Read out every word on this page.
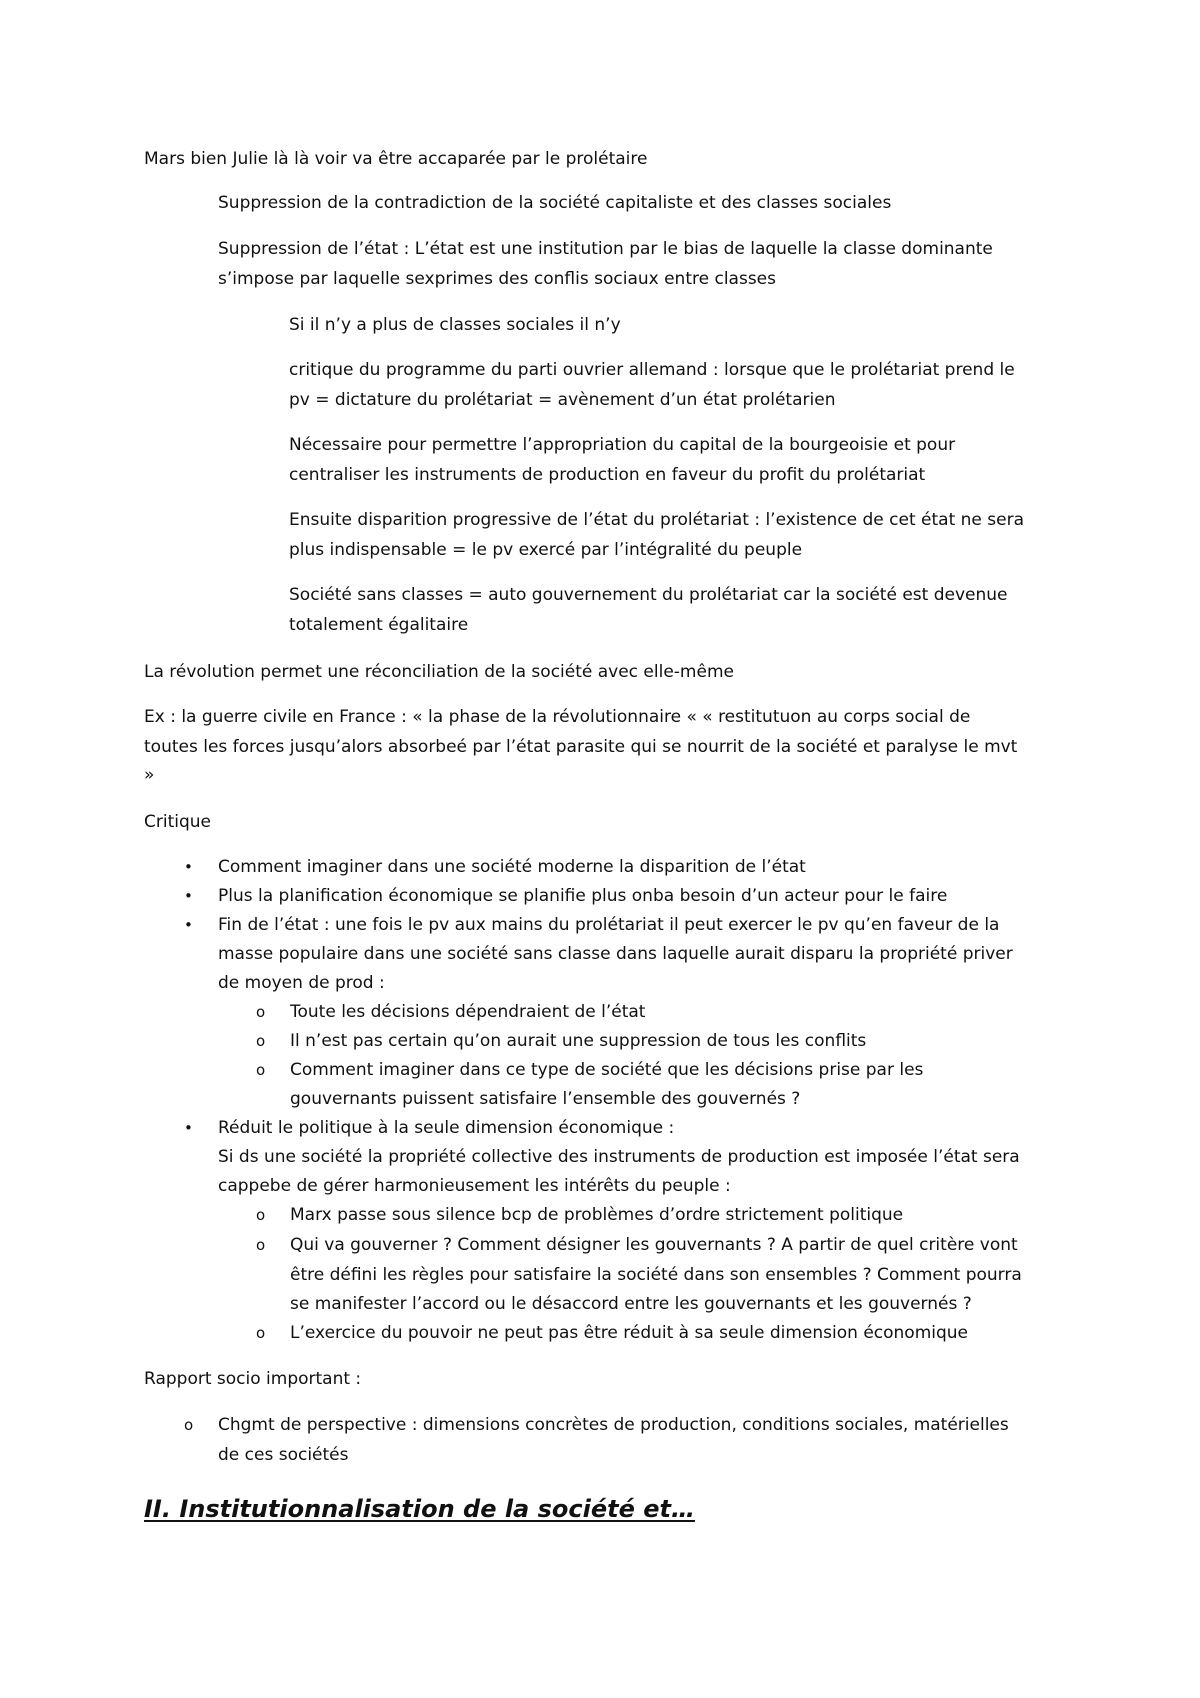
Mars bien Julie là là voir va être accaparée par le prolétaire
Suppression de la contradiction de la société capitaliste et des classes sociales
Suppression de l’état : L’état est une institution par le bias de laquelle la classe dominante
s’impose par laquelle sexprimes des conflis sociaux entre classes
Si il n’y a plus de classes sociales il n’y
critique du programme du parti ouvrier allemand : lorsque que le prolétariat prend le
pv = dictature du prolétariat = avènement d’un état prolétarien
Nécessaire pour permettre l’appropriation du capital de la bourgeoisie et pour
centraliser les instruments de production en faveur du profit du prolétariat
Ensuite disparition progressive de l’état du prolétariat : l’existence de cet état ne sera
plus indispensable = le pv exercé par l’intégralité du peuple
Société sans classes = auto gouvernement du prolétariat car la société est devenue
totalement égalitaire
La révolution permet une réconciliation de la société avec elle-même
Ex : la guerre civile en France : « la phase de la révolutionnaire « « restitutuon au corps social de
toutes les forces jusqu’alors absorbeé par l’état parasite qui se nourrit de la société et paralyse le mvt
»
Critique
• Comment imaginer dans une société moderne la disparition de l’état
• Plus la planification économique se planifie plus onba besoin d’un acteur pour le faire
• Fin de l’état : une fois le pv aux mains du prolétariat il peut exercer le pv qu’en faveur de la
masse populaire dans une société sans classe dans laquelle aurait disparu la propriété priver
de moyen de prod :
o Toute les décisions dépendraient de l’état
o Il n’est pas certain qu’on aurait une suppression de tous les conflits
o Comment imaginer dans ce type de société que les décisions prise par les
gouvernants puissent satisfaire l’ensemble des gouvernés ?
• Réduit le politique à la seule dimension économique :
Si ds une société la propriété collective des instruments de production est imposée l’état sera
cappebe de gérer harmonieusement les intérêts du peuple :
o Marx passe sous silence bcp de problèmes d’ordre strictement politique
o Qui va gouverner ? Comment désigner les gouvernants ? A partir de quel critère vont
être défini les règles pour satisfaire la société dans son ensembles ? Comment pourra
se manifester l’accord ou le désaccord entre les gouvernants et les gouvernés ?
o L’exercice du pouvoir ne peut pas être réduit à sa seule dimension économique
Rapport socio important :
o Chgmt de perspective : dimensions concrètes de production, conditions sociales, matérielles
de ces sociétés
II. Institutionnalisation de la société et…
